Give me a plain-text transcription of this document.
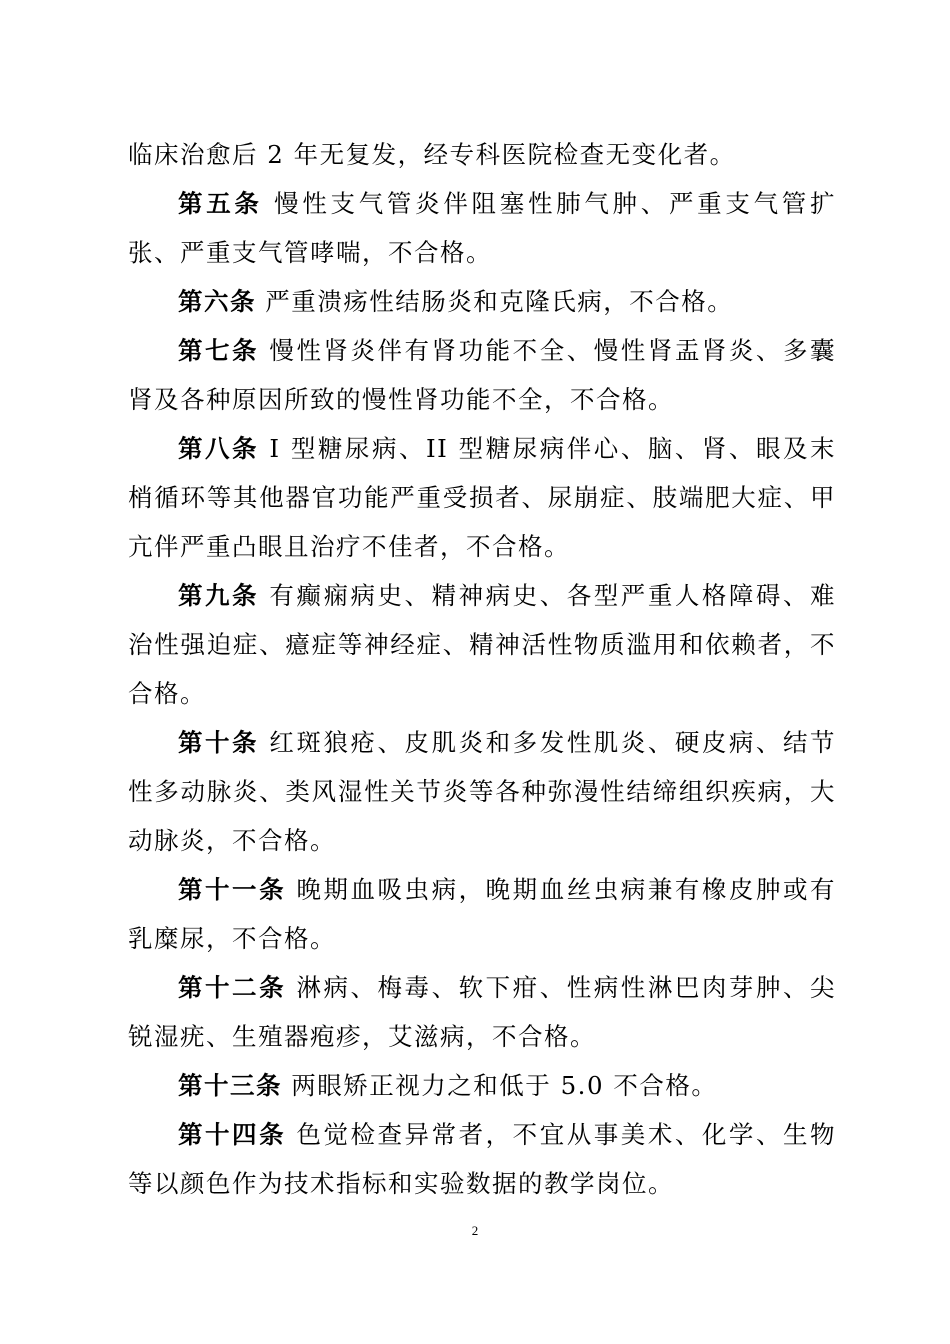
临床治愈后 2 年无复发，经专科医院检查无变化者。

第五条 慢性支气管炎伴阻塞性肺气肿、严重支气管扩张、严重支气管哮喘，不合格。

第六条 严重溃疡性结肠炎和克隆氏病，不合格。

第七条 慢性肾炎伴有肾功能不全、慢性肾盂肾炎、多囊肾及各种原因所致的慢性肾功能不全，不合格。

第八条 I 型糖尿病、II 型糖尿病伴心、脑、肾、眼及末梢循环等其他器官功能严重受损者、尿崩症、肢端肥大症、甲亢伴严重凸眼且治疗不佳者，不合格。

第九条 有癫痫病史、精神病史、各型严重人格障碍、难治性强迫症、癔症等神经症、精神活性物质滥用和依赖者，不合格。

第十条 红斑狼疮、皮肌炎和多发性肌炎、硬皮病、结节性多动脉炎、类风湿性关节炎等各种弥漫性结缔组织疾病，大动脉炎，不合格。

第十一条 晚期血吸虫病，晚期血丝虫病兼有橡皮肿或有乳糜尿，不合格。

第十二条 淋病、梅毒、软下疳、性病性淋巴肉芽肿、尖锐湿疣、生殖器疱疹，艾滋病，不合格。

第十三条 两眼矫正视力之和低于 5.0 不合格。

第十四条 色觉检查异常者，不宜从事美术、化学、生物等以颜色作为技术指标和实验数据的教学岗位。

2
